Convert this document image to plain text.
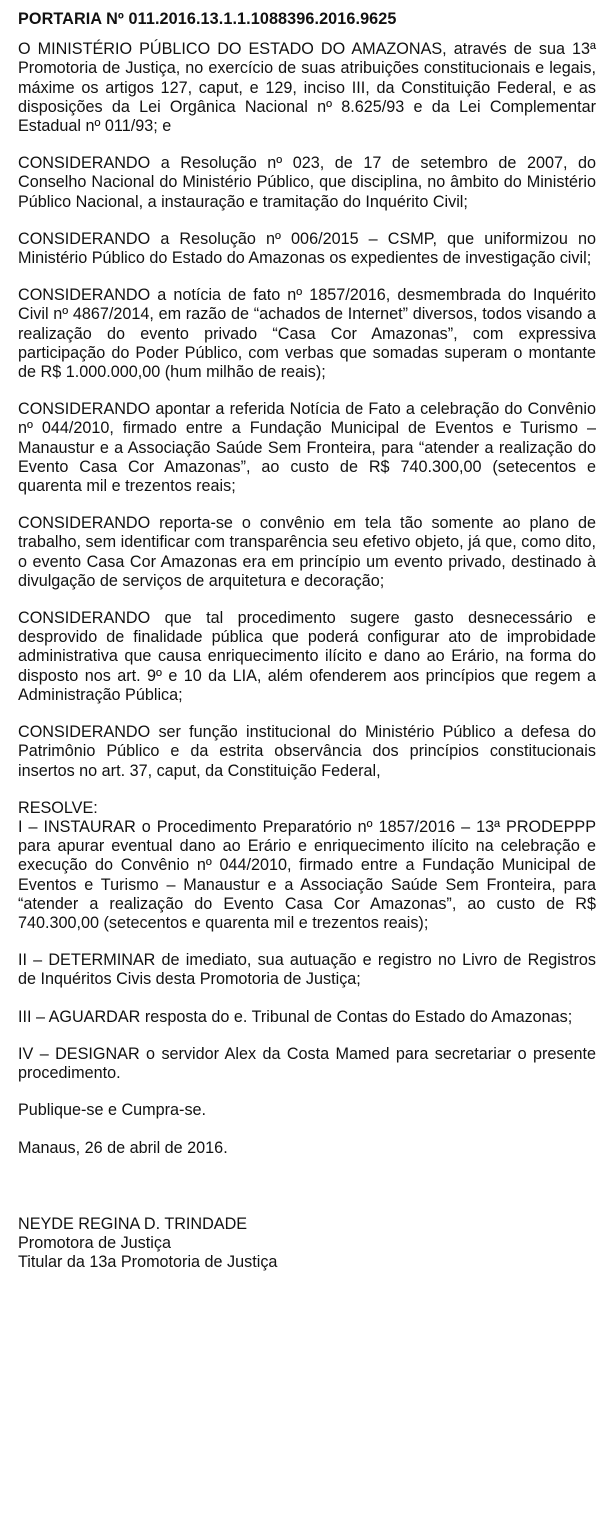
PORTARIA Nº 011.2016.13.1.1.1088396.2016.9625

O MINISTÉRIO PÚBLICO DO ESTADO DO AMAZONAS, através de sua 13ª Promotoria de Justiça, no exercício de suas atribuições constitucionais e legais, máxime os artigos 127, caput, e 129, inciso III, da Constituição Federal, e as disposições da Lei Orgânica Nacional nº 8.625/93 e da Lei Complementar Estadual nº 011/93; e

CONSIDERANDO a Resolução nº 023, de 17 de setembro de 2007, do Conselho Nacional do Ministério Público, que disciplina, no âmbito do Ministério Público Nacional, a instauração e tramitação do Inquérito Civil;

CONSIDERANDO a Resolução nº 006/2015 – CSMP, que uniformizou no Ministério Público do Estado do Amazonas os expedientes de investigação civil;

CONSIDERANDO a notícia de fato nº 1857/2016, desmembrada do Inquérito Civil nº 4867/2014, em razão de “achados de Internet” diversos, todos visando a realização do evento privado “Casa Cor Amazonas”, com expressiva participação do Poder Público, com verbas que somadas superam o montante de R$ 1.000.000,00 (hum milhão de reais);

CONSIDERANDO apontar a referida Notícia de Fato a celebração do Convênio nº 044/2010, firmado entre a Fundação Municipal de Eventos e Turismo – Manaustur e a Associação Saúde Sem Fronteira, para “atender a realização do Evento Casa Cor Amazonas”, ao custo de R$ 740.300,00 (setecentos e quarenta mil e trezentos reais;

CONSIDERANDO reporta-se o convênio em tela tão somente ao plano de trabalho, sem identificar com transparência seu efetivo objeto, já que, como dito, o evento Casa Cor Amazonas era em princípio um evento privado, destinado à divulgação de serviços de arquitetura e decoração;

CONSIDERANDO que tal procedimento sugere gasto desnecessário e desprovido de finalidade pública que poderá configurar ato de improbidade administrativa que causa enriquecimento ilícito e dano ao Erário, na forma do disposto nos art. 9º e 10 da LIA, além ofenderem aos princípios que regem a Administração Pública;

CONSIDERANDO ser função institucional do Ministério Público a defesa do Patrimônio Público e da estrita observância dos princípios constitucionais insertos no art. 37, caput, da Constituição Federal,

RESOLVE:

I – INSTAURAR o Procedimento Preparatório nº 1857/2016 – 13ª PRODEPPP para apurar eventual dano ao Erário e enriquecimento ilícito na celebração e execução do Convênio nº 044/2010, firmado entre a Fundação Municipal de Eventos e Turismo – Manaustur e a Associação Saúde Sem Fronteira, para “atender a realização do Evento Casa Cor Amazonas”, ao custo de R$ 740.300,00 (setecentos e quarenta mil e trezentos reais);

II – DETERMINAR de imediato, sua autuação e registro no Livro de Registros de Inquéritos Civis desta Promotoria de Justiça;

III – AGUARDAR resposta do e. Tribunal de Contas do Estado do Amazonas;

IV – DESIGNAR o servidor Alex da Costa Mamed para secretariar o presente procedimento.

Publique-se e Cumpra-se.

Manaus, 26 de abril de 2016.

NEYDE REGINA D. TRINDADE

Promotora de Justiça

Titular da 13a Promotoria de Justiça
